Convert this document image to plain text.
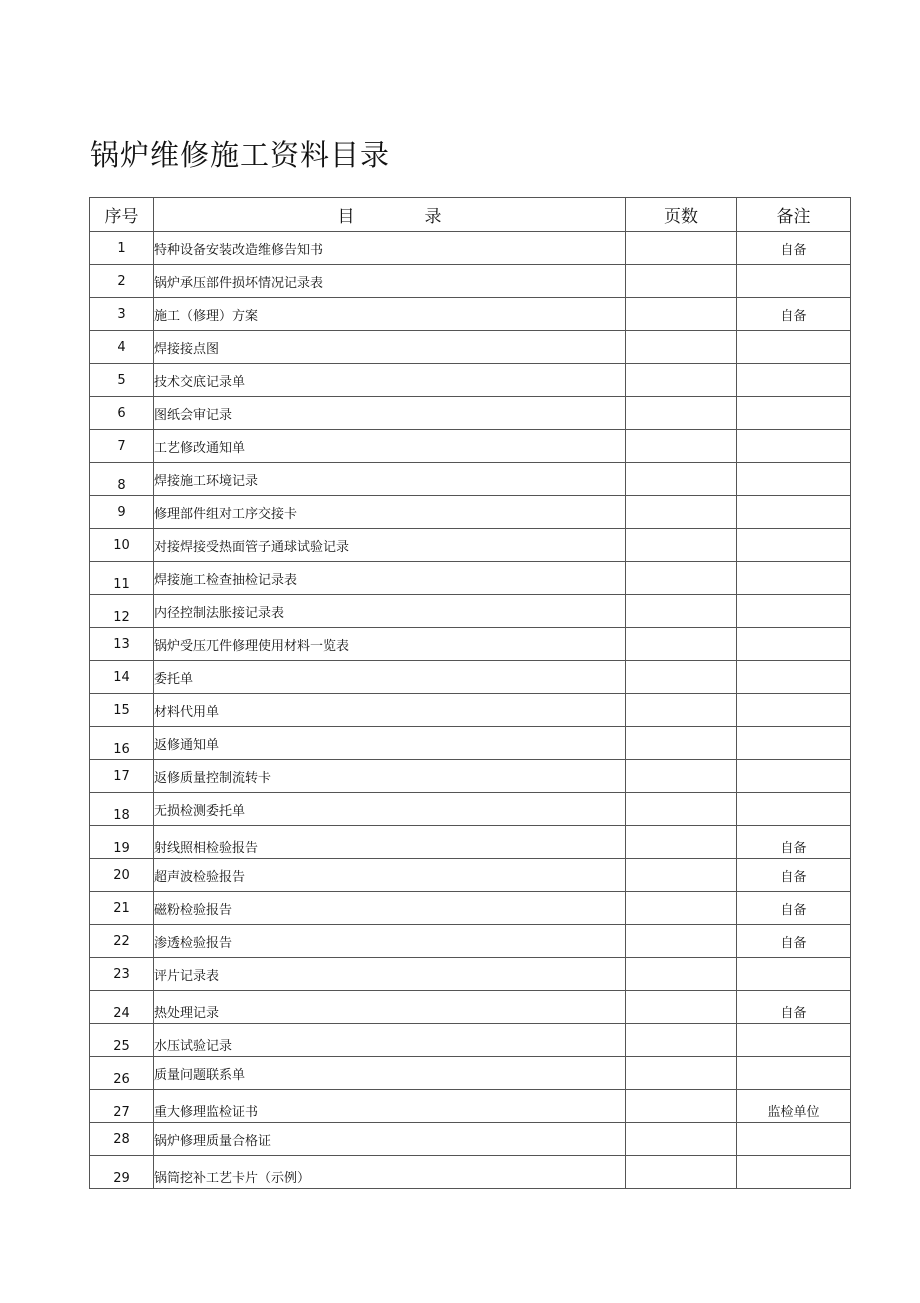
锅炉维修施工资料目录
序号	目 录	页数	备注
1	特种设备安装改造维修告知书		自备
2	锅炉承压部件损坏情况记录表		
3	施工（修理）方案		自备
4	焊接接点图		
5	技术交底记录单		
6	图纸会审记录		
7	工艺修改通知单		
8	焊接施工环境记录		
9	修理部件组对工序交接卡		
10	对接焊接受热面管子通球试验记录		
11	焊接施工检查抽检记录表		
12	内径控制法胀接记录表		
13	锅炉受压兀件修理使用材料一览表		
14	委托单		
15	材料代用单		
16	返修通知单		
17	返修质量控制流转卡		
18	无损检测委托单		
19	射线照相检验报告		自备
20	超声波检验报告		自备
21	磁粉检验报告		自备
22	渗透检验报告		自备
23	评片记录表		
24	热处理记录		自备
25	水压试验记录		
26	质量问题联系单		
27	重大修理监检证书		监检单位
28	锅炉修理质量合格证		
29	锅筒挖补工艺卡片（示例）		
